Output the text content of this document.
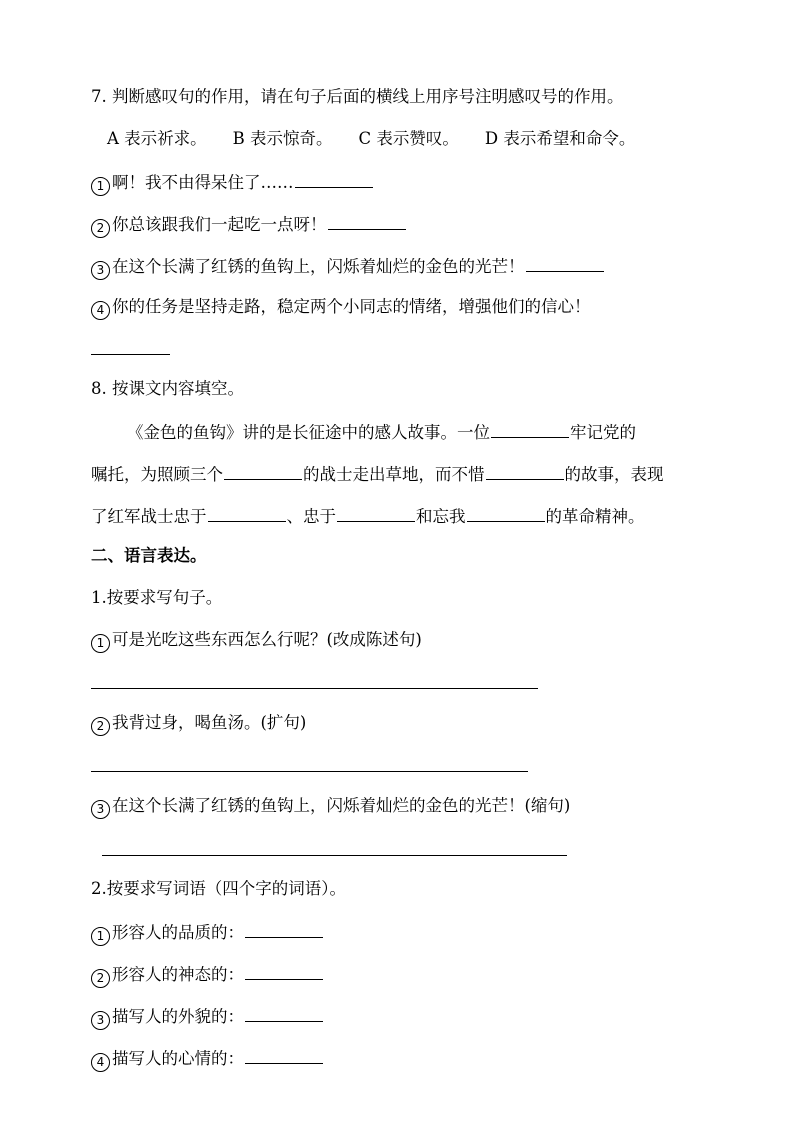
7. 判断感叹句的作用，请在句子后面的横线上用序号注明感叹号的作用。
A 表示祈求。 B 表示惊奇。 C 表示赞叹。 D 表示希望和命令。
1 啊！我不由得呆住了……
2 你总该跟我们一起吃一点呀！
3 在这个长满了红锈的鱼钩上，闪烁着灿烂的金色的光芒！
4 你的任务是坚持走路，稳定两个小同志的情绪，增强他们的信心！
8. 按课文内容填空。
《金色的鱼钩》讲的是长征途中的感人故事。一位	牢记党的
嘱托，为照顾三个	的战士走出草地，而不惜	的故事，表现
了红军战士忠于	、忠于	和忘我	的革命精神。
二、语言表达。
1.按要求写句子。
1 可是光吃这些东西怎么行呢？(改成陈述句)
2 我背过身，喝鱼汤。(扩句)
3 在这个长满了红锈的鱼钩上，闪烁着灿烂的金色的光芒！(缩句)
2.按要求写词语（四个字的词语）。
1 形容人的品质的：
2 形容人的神态的：
3 描写人的外貌的：
4 描写人的心情的：
